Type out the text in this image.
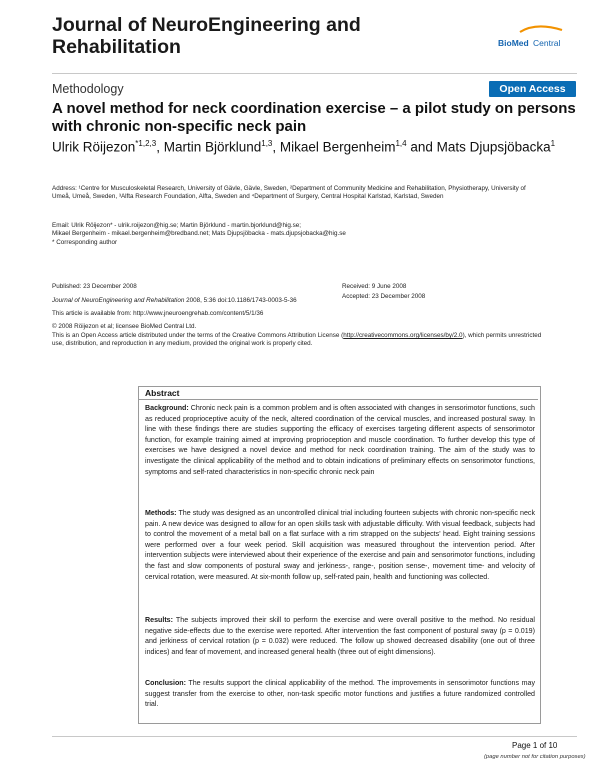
Journal of NeuroEngineering and Rehabilitation	BioMed Central
Methodology	Open Access
A novel method for neck coordination exercise – a pilot study on persons with chronic non-specific neck pain
Ulrik Röijezon$^{*1,2,3}$, Martin Björklund$^{1,3}$, Mikael Bergenheim$^{1,4}$ and Mats Djupsjöbacka$^1$
Address: ¹Centre for Musculoskeletal Research, University of Gävle, Gävle, Sweden, ²Department of Community Medicine and Rehabilitation, Physiotherapy, University of Umeå, Umeå, Sweden, ³Alfta Research Foundation, Alfta, Sweden and ⁴Department of Surgery, Central Hospital Karlstad, Karlstad, Sweden
Email: Ulrik Röijezon* - ulrik.roijezon@hig.se; Martin Björklund - martin.bjorklund@hig.se;
Mikael Bergenheim - mikael.bergenheim@bredband.net; Mats Djupsjöbacka - mats.djupsjobacka@hig.se
* Corresponding author
Published: 23 December 2008	Received: 9 June 2008
Accepted: 23 December 2008
Journal of NeuroEngineering and Rehabilitation 2008, 5:36 doi:10.1186/1743-0003-5-36
This article is available from: http://www.jneuroengrehab.com/content/5/1/36
© 2008 Röijezon et al; licensee BioMed Central Ltd.
This is an Open Access article distributed under the terms of the Creative Commons Attribution License (http://creativecommons.org/licenses/by/2.0), which permits unrestricted use, distribution, and reproduction in any medium, provided the original work is properly cited.
Abstract
Background: Chronic neck pain is a common problem and is often associated with changes in sensorimotor functions, such as reduced proprioceptive acuity of the neck, altered coordination of the cervical muscles, and increased postural sway. In line with these findings there are studies supporting the efficacy of exercises targeting different aspects of sensorimotor function, for example training aimed at improving proprioception and muscle coordination. To further develop this type of exercises we have designed a novel device and method for neck coordination training. The aim of the study was to investigate the clinical applicability of the method and to obtain indications of preliminary effects on sensorimotor functions, symptoms and self-rated characteristics in non-specific chronic neck pain
Methods: The study was designed as an uncontrolled clinical trial including fourteen subjects with chronic non-specific neck pain. A new device was designed to allow for an open skills task with adjustable difficulty. With visual feedback, subjects had to control the movement of a metal ball on a flat surface with a rim strapped on the subjects' head. Eight training sessions were performed over a four week period. Skill acquisition was measured throughout the intervention period. After intervention subjects were interviewed about their experience of the exercise and pain and sensorimotor functions, including the fast and slow components of postural sway and jerkiness-, range-, position sense-, movement time- and velocity of cervical rotation, were measured. At six-month follow up, self-rated pain, health and functioning was collected.
Results: The subjects improved their skill to perform the exercise and were overall positive to the method. No residual negative side-effects due to the exercise were reported. After intervention the fast component of postural sway (p = 0.019) and jerkiness of cervical rotation (p = 0.032) were reduced. The follow up showed decreased disability (one out of three indices) and fear of movement, and increased general health (three out of eight dimensions).
Conclusion: The results support the clinical applicability of the method. The improvements in sensorimotor functions may suggest transfer from the exercise to other, non-task specific motor functions and justifies a future randomized controlled trial.
Page 1 of 10
(page number not for citation purposes)
